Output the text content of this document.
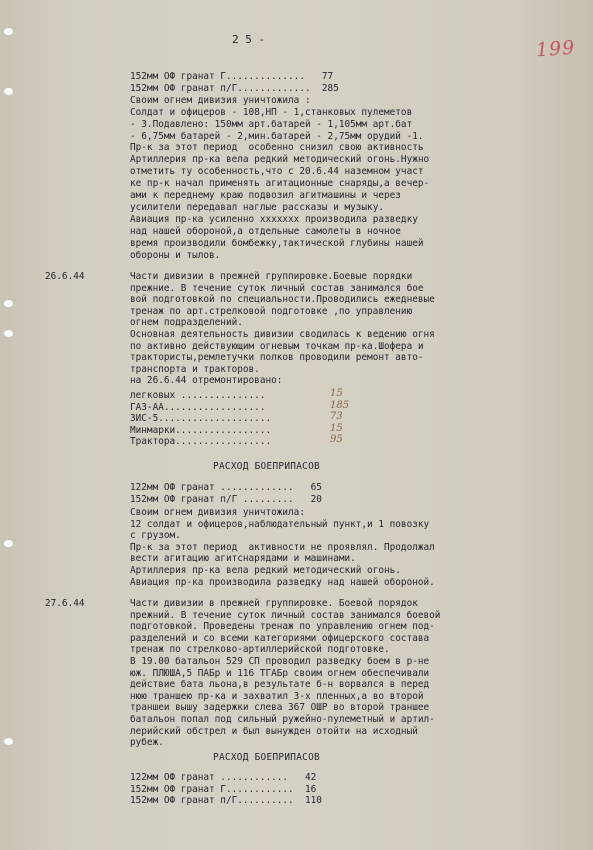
2 5 -	199
26.6.44
27.6.44
152мм ОФ гранат Г..............   77
152мм ОФ гранат п/Г.............  285
Своим огнем дивизия уничтожила :
Солдат и офицеров - 108,НП - 1,станковых пулеметов
- 3.Подавлено: 150мм арт.батарей - 1,105мм арт.бат
- 6,75мм батарей - 2,мин.батарей - 2,75мм орудий -1.
Пр-к за этот период  особенно снизил свою активность
Артиллерия пр-ка вела редкий методический огонь.Нужно
отметить ту особенность,что с 20.6.44 наземном участ
ке пр-к начал применять агитационные снаряды,а вечер-
ами к переднему краю подвозил агитмашины и через
усилители передавал наглые рассказы и музыку.
Авиация пр-ка усиленно ххххххх производила разведку
над нашей обороной,а отдельные самолеты в ночное
время производили бомбежку,тактической глубины нашей
обороны и тылов.
Части дивизии в прежней группировке.Боевые порядки
прежние. В течение суток личный состав занимался бое
вой подготовкой по специальности.Проводились ежедневые
тренаж по арт.стрелковой подготовке ,по управлению
огнем подразделений.
Основная деятельность дивизии сводилась к ведению огня
по активно действующим огневым точкам пр-ка.Шофера и
трактористы,ремлетучки полков проводили ремонт авто-
транспорта и тракторов.
на 26.6.44 отремонтировано:
легковых ...............	15
ГАЗ-АА..................	185
ЗИС-5....................	73
Минмарки.................	15
Трактора.................	95
РАСХОД БОЕПРИПАСОВ
122мм ОФ гранат .............   65
152мм ОФ гранат п/Г .........   20
Своим огнем дивизия уничтожила:
12 солдат и офицеров,наблюдательный пункт,и 1 повозку
с грузом.
Пр-к за этот период  активности не проявлял. Продолжал
вести агитацию агитснарядами и машинами.
Артиллерия пр-ка вела редкий методический огонь.
Авиация пр-ка производила разведку над нашей обороной.
Части дивизии в прежней группировке. Боевой порядок
прежний. В течение суток личный состав занимался боевой
подготовкой. Проведены тренаж по управлению огнем под-
разделений и со всеми категориями офицерского состава
тренаж по стрелково-артиллерийской подготовке.
В 19.00 батальон 529 СП проводил разведку боем в р-не
юж. ПЛЮША,5 ПАБр и 116 ТГАБр своим огнем обеспечивали
действие бата льона,в результате б-н ворвался в перед
нюю траншею пр-ка и захватил 3-х пленных,а во второй
траншеи вышу задержки слева 367 ОШР во второй траншее
батальон попал под сильный ружейно-пулеметный и артил-
лерийский обстрел и был вынужден отойти на исходный
рубеж.
РАСХОД БОЕПРИПАСОВ
122мм ОФ гранат ............   42
152мм ОФ гранат Г............  16
152мм ОФ гранат п/Г..........  110
